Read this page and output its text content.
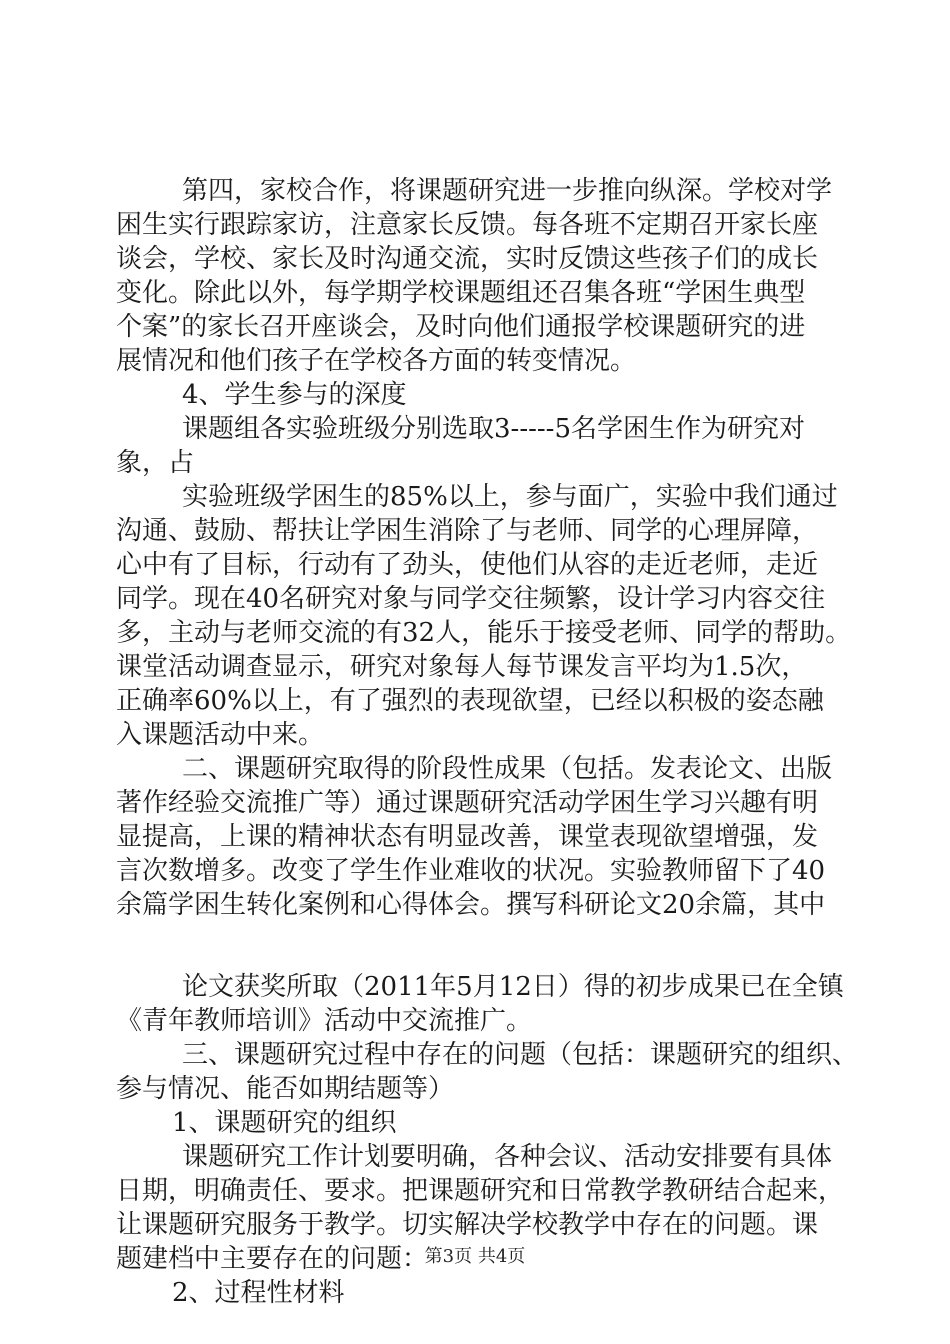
第四，家校合作，将课题研究进一步推向纵深。学校对学
困生实行跟踪家访，注意家长反馈。每各班不定期召开家长座
谈会，学校、家长及时沟通交流，实时反馈这些孩子们的成长
变化。除此以外，每学期学校课题组还召集各班“学困生典型
个案”的家长召开座谈会，及时向他们通报学校课题研究的进
展情况和他们孩子在学校各方面的转变情况。
4、学生参与的深度
课题组各实验班级分别选取3-----5名学困生作为研究对
象，占
实验班级学困生的85%以上，参与面广，实验中我们通过
沟通、鼓励、帮扶让学困生消除了与老师、同学的心理屏障，
心中有了目标，行动有了劲头，使他们从容的走近老师，走近
同学。现在40名研究对象与同学交往频繁，设计学习内容交往
多，主动与老师交流的有32人，能乐于接受老师、同学的帮助。
课堂活动调查显示，研究对象每人每节课发言平均为1.5次，
正确率60%以上，有了强烈的表现欲望，已经以积极的姿态融
入课题活动中来。
二、课题研究取得的阶段性成果（包括。发表论文、出版
著作经验交流推广等）通过课题研究活动学困生学习兴趣有明
显提高，上课的精神状态有明显改善，课堂表现欲望增强，发
言次数增多。改变了学生作业难收的状况。实验教师留下了40
余篇学困生转化案例和心得体会。撰写科研论文20余篇，其中
论文获奖所取（2011年5月12日）得的初步成果已在全镇
《青年教师培训》活动中交流推广。
三、课题研究过程中存在的问题（包括：课题研究的组织、
参与情况、能否如期结题等）
1、课题研究的组织
课题研究工作计划要明确，各种会议、活动安排要有具体
日期，明确责任、要求。把课题研究和日常教学教研结合起来，
让课题研究服务于教学。切实解决学校教学中存在的问题。课
题建档中主要存在的问题：
2、过程性材料
第3页 共4页
